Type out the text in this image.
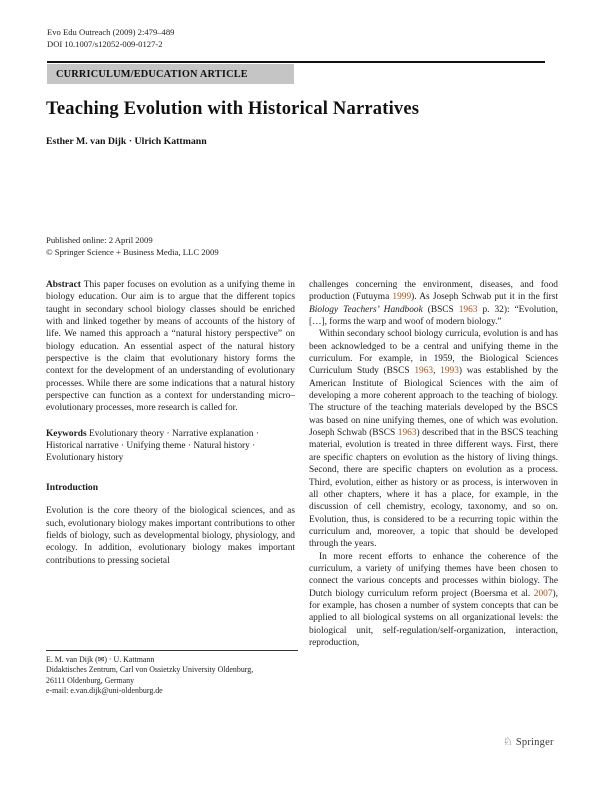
Evo Edu Outreach (2009) 2:479–489
DOI 10.1007/s12052-009-0127-2
CURRICULUM/EDUCATION ARTICLE
Teaching Evolution with Historical Narratives
Esther M. van Dijk · Ulrich Kattmann
Published online: 2 April 2009
© Springer Science + Business Media, LLC 2009

Abstract This paper focuses on evolution as a unifying theme in biology education. Our aim is to argue that the different topics taught in secondary school biology classes should be enriched with and linked together by means of accounts of the history of life. We named this approach a “natural history perspective” on biology education. An essential aspect of the natural history perspective is the claim that evolutionary history forms the context for the development of an understanding of evolutionary processes. While there are some indications that a natural history perspective can function as a context for understanding micro–evolutionary processes, more research is called for.

Keywords Evolutionary theory · Narrative explanation · Historical narrative · Unifying theme · Natural history · Evolutionary history

Introduction

Evolution is the core theory of the biological sciences, and as such, evolutionary biology makes important contributions to other fields of biology, such as developmental biology, physiology, and ecology. In addition, evolutionary biology makes important contributions to pressing societal

challenges concerning the environment, diseases, and food production (Futuyma 1999). As Joseph Schwab put it in the first Biology Teachers’ Handbook (BSCS 1963 p. 32): “Evolution, […], forms the warp and woof of modern biology.”

Within secondary school biology curricula, evolution is and has been acknowledged to be a central and unifying theme in the curriculum. For example, in 1959, the Biological Sciences Curriculum Study (BSCS 1963, 1993) was established by the American Institute of Biological Sciences with the aim of developing a more coherent approach to the teaching of biology. The structure of the teaching materials developed by the BSCS was based on nine unifying themes, one of which was evolution. Joseph Schwab (BSCS 1963) described that in the BSCS teaching material, evolution is treated in three different ways. First, there are specific chapters on evolution as the history of living things. Second, there are specific chapters on evolution as a process. Third, evolution, either as history or as process, is interwoven in all other chapters, where it has a place, for example, in the discussion of cell chemistry, ecology, taxonomy, and so on. Evolution, thus, is considered to be a recurring topic within the curriculum and, moreover, a topic that should be developed through the years.

In more recent efforts to enhance the coherence of the curriculum, a variety of unifying themes have been chosen to connect the various concepts and processes within biology. The Dutch biology curriculum reform project (Boersma et al. 2007), for example, has chosen a number of system concepts that can be applied to all biological systems on all organizational levels: the biological unit, self-regulation/self-organization, interaction, reproduction,

E. M. van Dijk (✉) · U. Kattmann
Didaktisches Zentrum, Carl von Ossietzky University Oldenburg,
26111 Oldenburg, Germany
e-mail: e.van.dijk@uni-oldenburg.de
♘ Springer
